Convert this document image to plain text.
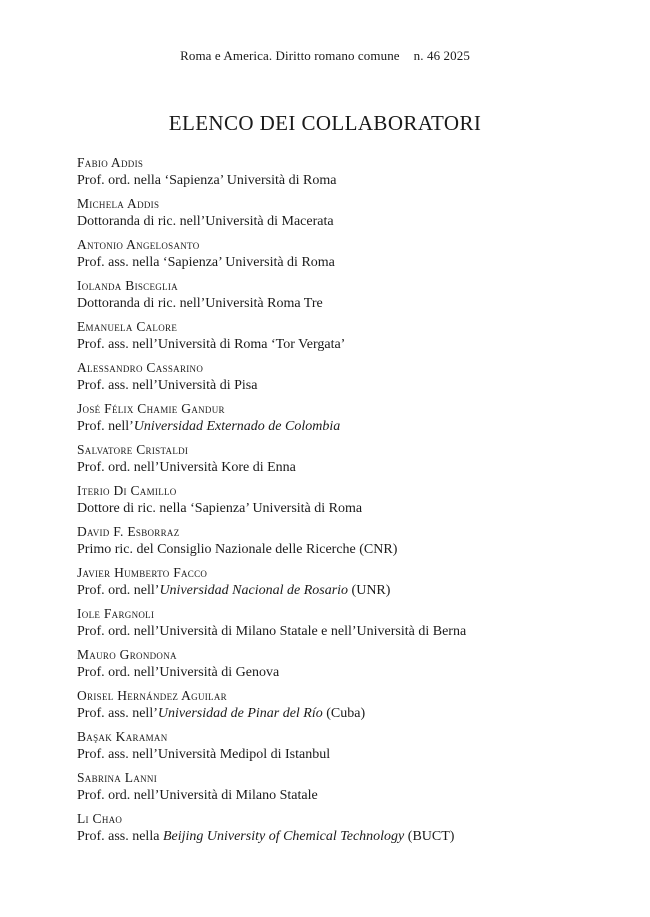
Roma e America. Diritto romano comune n. 46 2025
ELENCO DEI COLLABORATORI
Fabio Addis
Prof. ord. nella ‘Sapienza’ Università di Roma
Michela Addis
Dottoranda di ric. nell’Università di Macerata
Antonio Angelosanto
Prof. ass. nella ‘Sapienza’ Università di Roma
Iolanda Bisceglia
Dottoranda di ric. nell’Università Roma Tre
Emanuela Calore
Prof. ass. nell’Università di Roma ‘Tor Vergata’
Alessandro Cassarino
Prof. ass. nell’Università di Pisa
José Félix Chamie Gandur
Prof. nell’Universidad Externado de Colombia
Salvatore Cristaldi
Prof. ord. nell’Università Kore di Enna
Iterio Di Camillo
Dottore di ric. nella ‘Sapienza’ Università di Roma
David F. Esborraz
Primo ric. del Consiglio Nazionale delle Ricerche (CNR)
Javier Humberto Facco
Prof. ord. nell’Universidad Nacional de Rosario (UNR)
Iole Fargnoli
Prof. ord. nell’Università di Milano Statale e nell’Università di Berna
Mauro Grondona
Prof. ord. nell’Università di Genova
Orisel Hernández Aguilar
Prof. ass. nell’Universidad de Pinar del Río (Cuba)
Başak Karaman
Prof. ass. nell’Università Medipol di Istanbul
Sabrina Lanni
Prof. ord. nell’Università di Milano Statale
Li Chao
Prof. ass. nella Beijing University of Chemical Technology (BUCT)
